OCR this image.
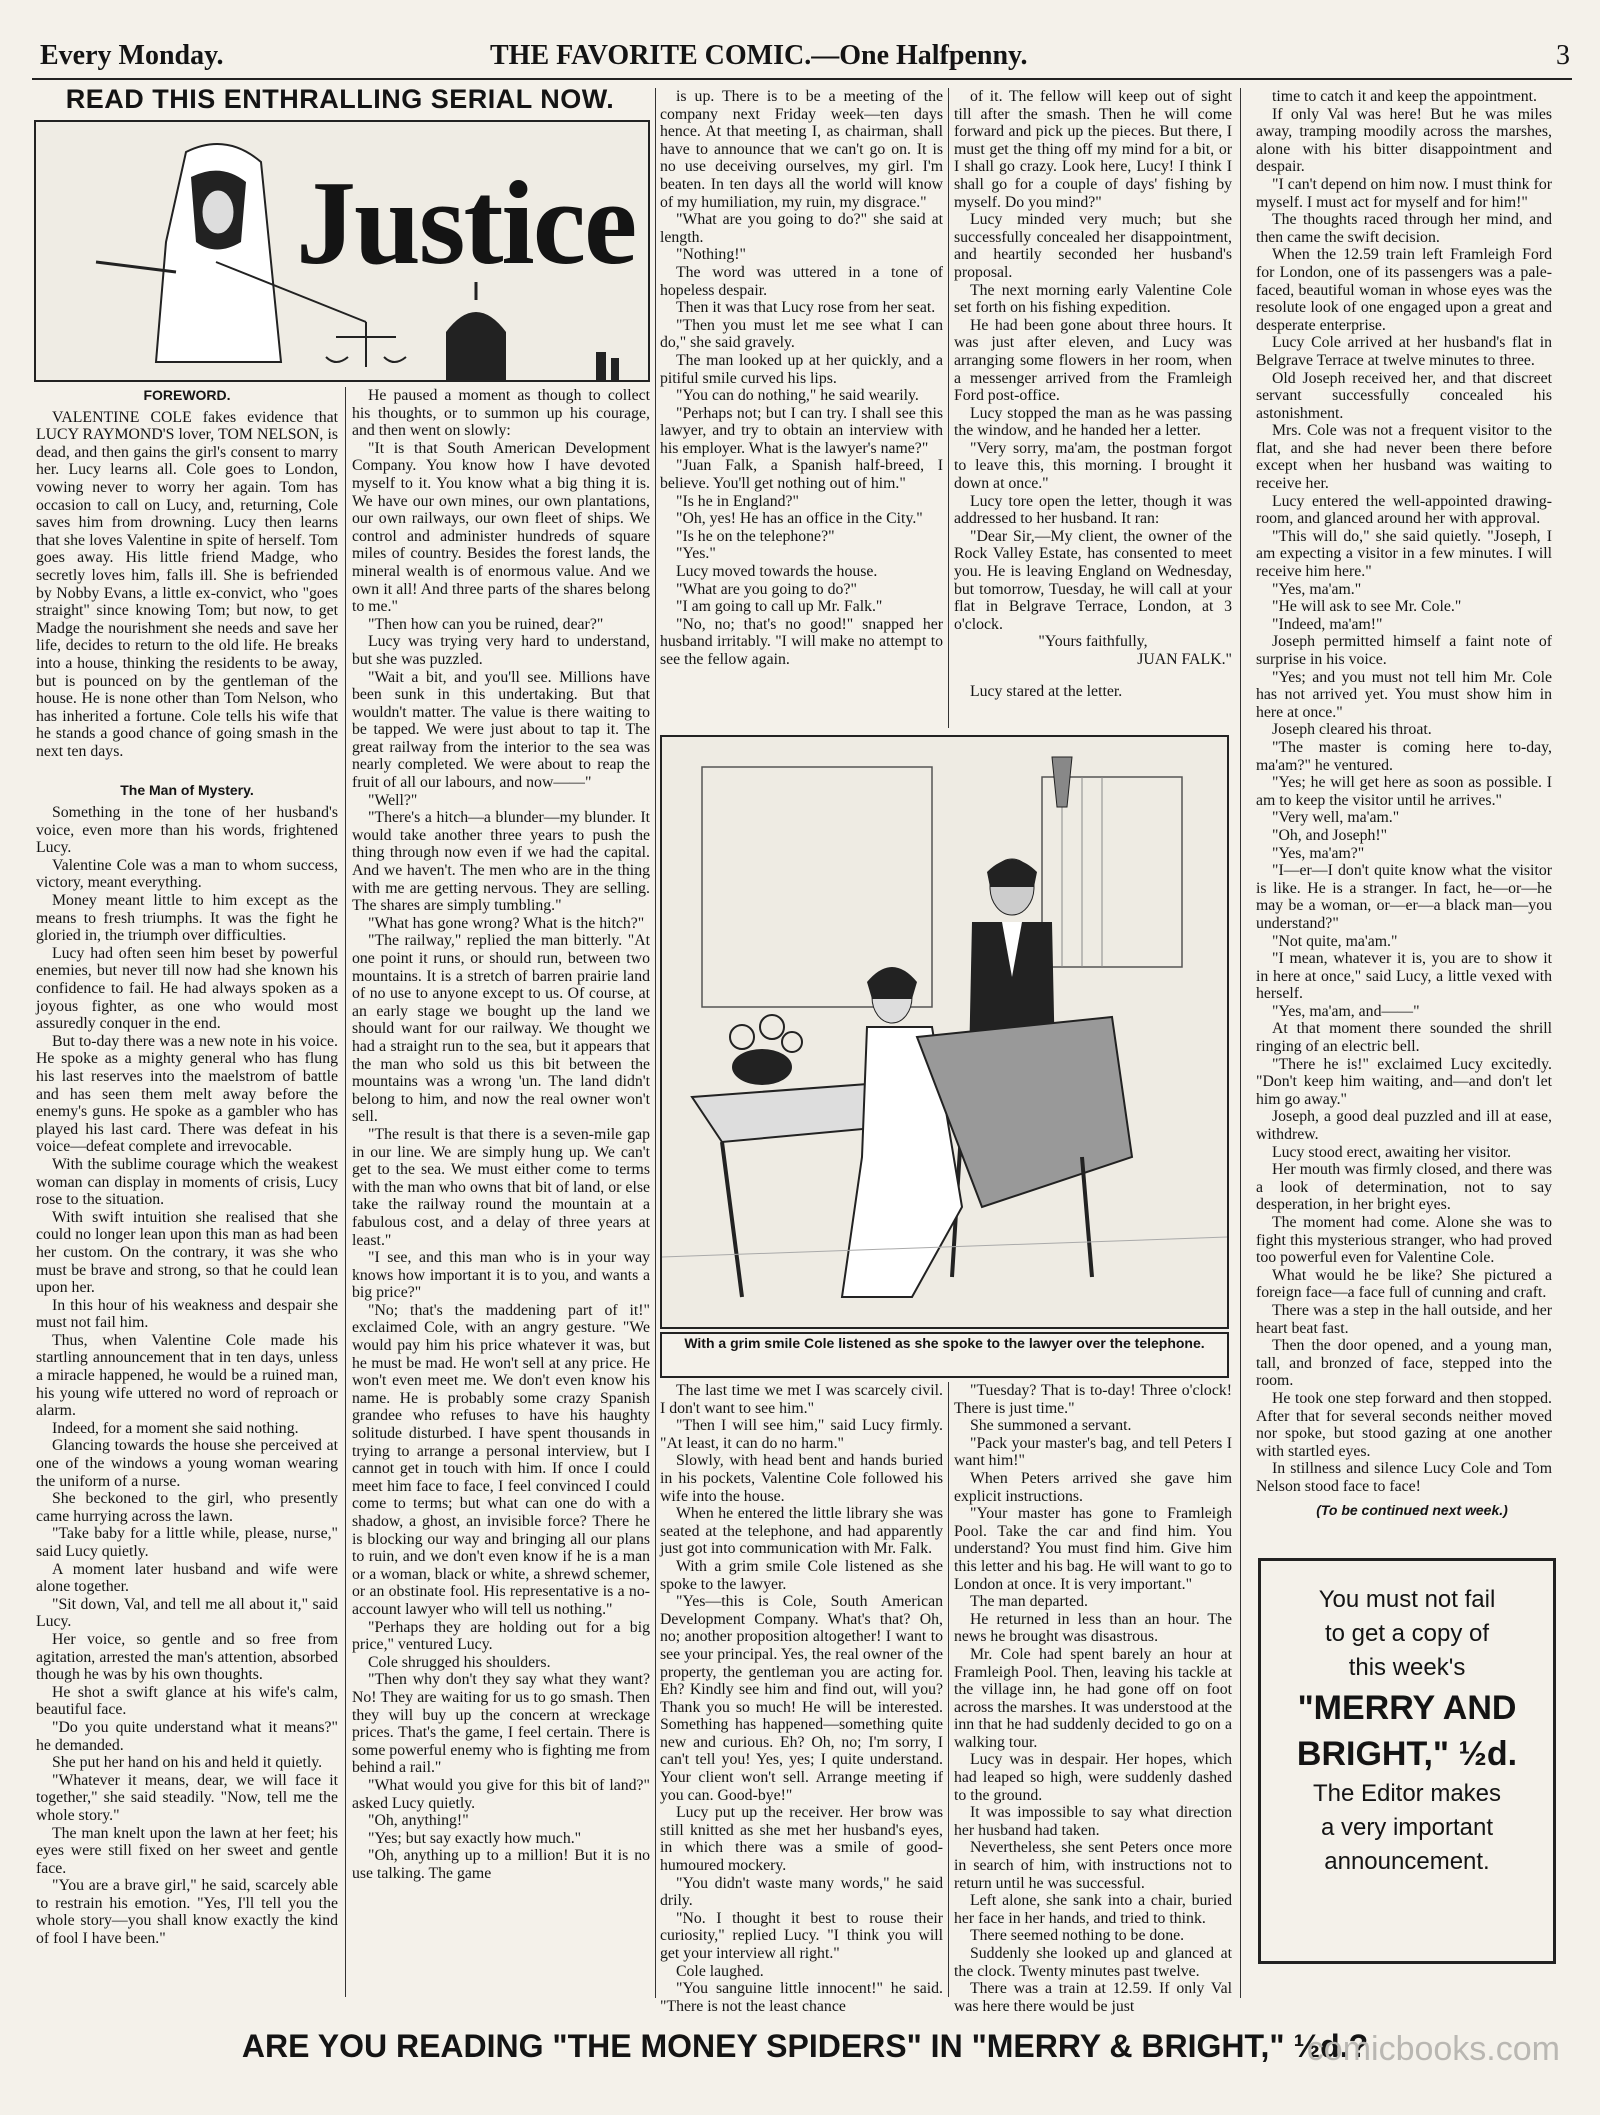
Every Monday.	THE FAVORITE COMIC.—One Halfpenny.	3
READ THIS ENTHRALLING SERIAL NOW.
Justice

FOREWORD.

VALENTINE COLE fakes evidence that LUCY RAYMOND'S lover, TOM NELSON, is dead, and then gains the girl's consent to marry her. Lucy learns all. Cole goes to London, vowing never to worry her again. Tom has occasion to call on Lucy, and, returning, Cole saves him from drowning. Lucy then learns that she loves Valentine in spite of herself. Tom goes away. His little friend Madge, who secretly loves him, falls ill. She is befriended by Nobby Evans, a little ex-convict, who "goes straight" since knowing Tom; but now, to get Madge the nourishment she needs and save her life, decides to return to the old life. He breaks into a house, thinking the residents to be away, but is pounced on by the gentleman of the house. He is none other than Tom Nelson, who has inherited a fortune. Cole tells his wife that he stands a good chance of going smash in the next ten days.

The Man of Mystery.

Something in the tone of her husband's voice, even more than his words, frightened Lucy.

Valentine Cole was a man to whom success, victory, meant everything.

Money meant little to him except as the means to fresh triumphs. It was the fight he gloried in, the triumph over difficulties.

Lucy had often seen him beset by powerful enemies, but never till now had she known his confidence to fail. He had always spoken as a joyous fighter, as one who would most assuredly conquer in the end.

But to-day there was a new note in his voice. He spoke as a mighty general who has flung his last reserves into the maelstrom of battle and has seen them melt away before the enemy's guns. He spoke as a gambler who has played his last card. There was defeat in his voice—defeat complete and irrevocable.

With the sublime courage which the weakest woman can display in moments of crisis, Lucy rose to the situation.

With swift intuition she realised that she could no longer lean upon this man as had been her custom. On the contrary, it was she who must be brave and strong, so that he could lean upon her.

In this hour of his weakness and despair she must not fail him.

Thus, when Valentine Cole made his startling announcement that in ten days, unless a miracle happened, he would be a ruined man, his young wife uttered no word of reproach or alarm.

Indeed, for a moment she said nothing.

Glancing towards the house she perceived at one of the windows a young woman wearing the uniform of a nurse.

She beckoned to the girl, who presently came hurrying across the lawn.

"Take baby for a little while, please, nurse," said Lucy quietly.

A moment later husband and wife were alone together.

"Sit down, Val, and tell me all about it," said Lucy.

Her voice, so gentle and so free from agitation, arrested the man's attention, absorbed though he was by his own thoughts.

He shot a swift glance at his wife's calm, beautiful face.

"Do you quite understand what it means?" he demanded.

She put her hand on his and held it quietly.

"Whatever it means, dear, we will face it together," she said steadily. "Now, tell me the whole story."

The man knelt upon the lawn at her feet; his eyes were still fixed on her sweet and gentle face.

"You are a brave girl," he said, scarcely able to restrain his emotion. "Yes, I'll tell you the whole story—you shall know exactly the kind of fool I have been."

He paused a moment as though to collect his thoughts, or to summon up his courage, and then went on slowly:

"It is that South American Development Company. You know how I have devoted myself to it. You know what a big thing it is. We have our own mines, our own plantations, our own railways, our own fleet of ships. We control and administer hundreds of square miles of country. Besides the forest lands, the mineral wealth is of enormous value. And we own it all! And three parts of the shares belong to me."

"Then how can you be ruined, dear?"

Lucy was trying very hard to understand, but she was puzzled.

"Wait a bit, and you'll see. Millions have been sunk in this undertaking. But that wouldn't matter. The value is there waiting to be tapped. We were just about to tap it. The great railway from the interior to the sea was nearly completed. We were about to reap the fruit of all our labours, and now——"

"Well?"

"There's a hitch—a blunder—my blunder. It would take another three years to push the thing through now even if we had the capital. And we haven't. The men who are in the thing with me are getting nervous. They are selling. The shares are simply tumbling."

"What has gone wrong? What is the hitch?"

"The railway," replied the man bitterly. "At one point it runs, or should run, between two mountains. It is a stretch of barren prairie land of no use to anyone except to us. Of course, at an early stage we bought up the land we should want for our railway. We thought we had a straight run to the sea, but it appears that the man who sold us this bit between the mountains was a wrong 'un. The land didn't belong to him, and now the real owner won't sell.

"The result is that there is a seven-mile gap in our line. We are simply hung up. We can't get to the sea. We must either come to terms with the man who owns that bit of land, or else take the railway round the mountain at a fabulous cost, and a delay of three years at least."

"I see, and this man who is in your way knows how important it is to you, and wants a big price?"

"No; that's the maddening part of it!" exclaimed Cole, with an angry gesture. "We would pay him his price whatever it was, but he must be mad. He won't sell at any price. He won't even meet me. We don't even know his name. He is probably some crazy Spanish grandee who refuses to have his haughty solitude disturbed. I have spent thousands in trying to arrange a personal interview, but I cannot get in touch with him. If once I could meet him face to face, I feel convinced I could come to terms; but what can one do with a shadow, a ghost, an invisible force? There he is blocking our way and bringing all our plans to ruin, and we don't even know if he is a man or a woman, black or white, a shrewd schemer, or an obstinate fool. His representative is a no-account lawyer who will tell us nothing."

"Perhaps they are holding out for a big price," ventured Lucy.

Cole shrugged his shoulders.

"Then why don't they say what they want? No! They are waiting for us to go smash. Then they will buy up the concern at wreckage prices. That's the game, I feel certain. There is some powerful enemy who is fighting me from behind a rail."

"What would you give for this bit of land?" asked Lucy quietly.

"Oh, anything!"

"Yes; but say exactly how much."

"Oh, anything up to a million! But it is no use talking. The game

is up. There is to be a meeting of the company next Friday week—ten days hence. At that meeting I, as chairman, shall have to announce that we can't go on. It is no use deceiving ourselves, my girl. I'm beaten. In ten days all the world will know of my humiliation, my ruin, my disgrace."

"What are you going to do?" she said at length.

"Nothing!"

The word was uttered in a tone of hopeless despair.

Then it was that Lucy rose from her seat.

"Then you must let me see what I can do," she said gravely.

The man looked up at her quickly, and a pitiful smile curved his lips.

"You can do nothing," he said wearily.

"Perhaps not; but I can try. I shall see this lawyer, and try to obtain an interview with his employer. What is the lawyer's name?"

"Juan Falk, a Spanish half-breed, I believe. You'll get nothing out of him."

"Is he in England?"

"Oh, yes! He has an office in the City."

"Is he on the telephone?"

"Yes."

Lucy moved towards the house.

"What are you going to do?"

"I am going to call up Mr. Falk."

"No, no; that's no good!" snapped her husband irritably. "I will make no attempt to see the fellow again.

of it. The fellow will keep out of sight till after the smash. Then he will come forward and pick up the pieces. But there, I must get the thing off my mind for a bit, or I shall go crazy. Look here, Lucy! I think I shall go for a couple of days' fishing by myself. Do you mind?"

Lucy minded very much; but she successfully concealed her disappointment, and heartily seconded her husband's proposal.

The next morning early Valentine Cole set forth on his fishing expedition.

He had been gone about three hours. It was just after eleven, and Lucy was arranging some flowers in her room, when a messenger arrived from the Framleigh Ford post-office.

Lucy stopped the man as he was passing the window, and he handed her a letter.

"Very sorry, ma'am, the postman forgot to leave this, this morning. I brought it down at once."

Lucy tore open the letter, though it was addressed to her husband. It ran:

"Dear Sir,—My client, the owner of the Rock Valley Estate, has consented to meet you. He is leaving England on Wednesday, but tomorrow, Tuesday, he will call at your flat in Belgrave Terrace, London, at 3 o'clock.

"Yours faithfully,

JUAN FALK."

Lucy stared at the letter.

With a grim smile Cole listened as she spoke to the lawyer over the telephone.

The last time we met I was scarcely civil. I don't want to see him."

"Then I will see him," said Lucy firmly. "At least, it can do no harm."

Slowly, with head bent and hands buried in his pockets, Valentine Cole followed his wife into the house.

When he entered the little library she was seated at the telephone, and had apparently just got into communication with Mr. Falk.

With a grim smile Cole listened as she spoke to the lawyer.

"Yes—this is Cole, South American Development Company. What's that? Oh, no; another proposition altogether! I want to see your principal. Yes, the real owner of the property, the gentleman you are acting for. Eh? Kindly see him and find out, will you? Thank you so much! He will be interested. Something has happened—something quite new and curious. Eh? Oh, no; I'm sorry, I can't tell you! Yes, yes; I quite understand. Your client won't sell. Arrange meeting if you can. Good-bye!"

Lucy put up the receiver. Her brow was still knitted as she met her husband's eyes, in which there was a smile of good-humoured mockery.

"You didn't waste many words," he said drily.

"No. I thought it best to rouse their curiosity," replied Lucy. "I think you will get your interview all right."

Cole laughed.

"You sanguine little innocent!" he said. "There is not the least chance

"Tuesday? That is to-day! Three o'clock! There is just time."

She summoned a servant.

"Pack your master's bag, and tell Peters I want him!"

When Peters arrived she gave him explicit instructions.

"Your master has gone to Framleigh Pool. Take the car and find him. You understand? You must find him. Give him this letter and his bag. He will want to go to London at once. It is very important."

The man departed.

He returned in less than an hour. The news he brought was disastrous.

Mr. Cole had spent barely an hour at Framleigh Pool. Then, leaving his tackle at the village inn, he had gone off on foot across the marshes. It was understood at the inn that he had suddenly decided to go on a walking tour.

Lucy was in despair. Her hopes, which had leaped so high, were suddenly dashed to the ground.

It was impossible to say what direction her husband had taken.

Nevertheless, she sent Peters once more in search of him, with instructions not to return until he was successful.

Left alone, she sank into a chair, buried her face in her hands, and tried to think.

There seemed nothing to be done.

Suddenly she looked up and glanced at the clock. Twenty minutes past twelve.

There was a train at 12.59. If only Val was here there would be just

time to catch it and keep the appointment.

If only Val was here! But he was miles away, tramping moodily across the marshes, alone with his bitter disappointment and despair.

"I can't depend on him now. I must think for myself. I must act for myself and for him!"

The thoughts raced through her mind, and then came the swift decision.

When the 12.59 train left Framleigh Ford for London, one of its passengers was a pale-faced, beautiful woman in whose eyes was the resolute look of one engaged upon a great and desperate enterprise.

Lucy Cole arrived at her husband's flat in Belgrave Terrace at twelve minutes to three.

Old Joseph received her, and that discreet servant successfully concealed his astonishment.

Mrs. Cole was not a frequent visitor to the flat, and she had never been there before except when her husband was waiting to receive her.

Lucy entered the well-appointed drawing-room, and glanced around her with approval.

"This will do," she said quietly. "Joseph, I am expecting a visitor in a few minutes. I will receive him here."

"Yes, ma'am."

"He will ask to see Mr. Cole."

"Indeed, ma'am!"

Joseph permitted himself a faint note of surprise in his voice.

"Yes; and you must not tell him Mr. Cole has not arrived yet. You must show him in here at once."

Joseph cleared his throat.

"The master is coming here to-day, ma'am?" he ventured.

"Yes; he will get here as soon as possible. I am to keep the visitor until he arrives."

"Very well, ma'am."

"Oh, and Joseph!"

"Yes, ma'am?"

"I—er—I don't quite know what the visitor is like. He is a stranger. In fact, he—or—he may be a woman, or—er—a black man—you understand?"

"Not quite, ma'am."

"I mean, whatever it is, you are to show it in here at once," said Lucy, a little vexed with herself.

"Yes, ma'am, and——"

At that moment there sounded the shrill ringing of an electric bell.

"There he is!" exclaimed Lucy excitedly. "Don't keep him waiting, and—and don't let him go away."

Joseph, a good deal puzzled and ill at ease, withdrew.

Lucy stood erect, awaiting her visitor.

Her mouth was firmly closed, and there was a look of determination, not to say desperation, in her bright eyes.

The moment had come. Alone she was to fight this mysterious stranger, who had proved too powerful even for Valentine Cole.

What would he be like? She pictured a foreign face—a face full of cunning and craft.

There was a step in the hall outside, and her heart beat fast.

Then the door opened, and a young man, tall, and bronzed of face, stepped into the room.

He took one step forward and then stopped. After that for several seconds neither moved nor spoke, but stood gazing at one another with startled eyes.

In stillness and silence Lucy Cole and Tom Nelson stood face to face!

(To be continued next week.)

You must not fail
to get a copy of
this week's
"MERRY AND
BRIGHT," ½d.
The Editor makes
a very important
announcement.
ARE YOU READING "THE MONEY SPIDERS" IN "MERRY & BRIGHT," ½d.?
comicbooks.com
